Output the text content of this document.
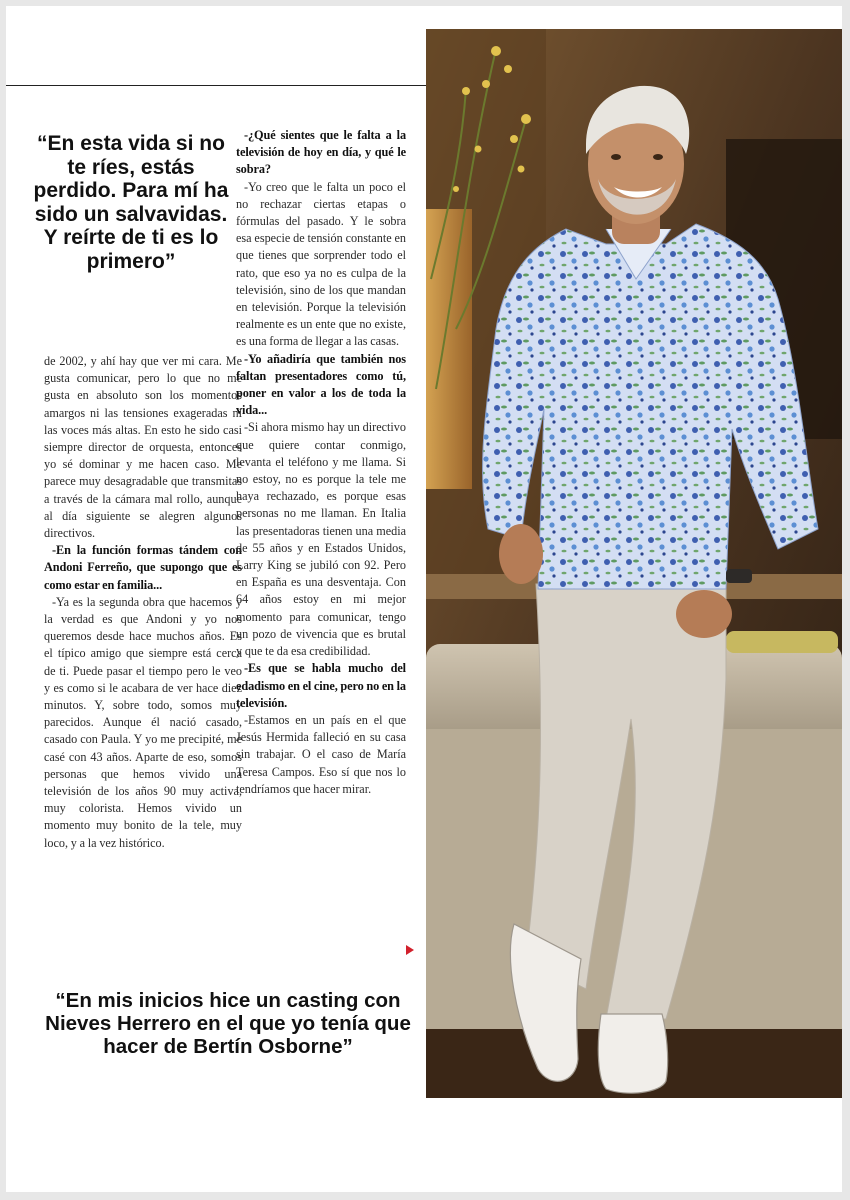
“En esta vida si no te ríes, estás perdido. Para mí ha sido un salvavidas. Y reírte de ti es lo primero”

de 2002, y ahí hay que ver mi cara. Me gusta comunicar, pero lo que no me gusta en absoluto son los momentos amargos ni las tensiones exageradas ni las voces más altas. En esto he sido casi siempre director de orquesta, entonces yo sé dominar y me hacen caso. Me parece muy desagradable que transmitas a través de la cámara mal rollo, aunque al día siguiente se alegren algunos directivos.

-En la función formas tándem con Andoni Ferreño, que supongo que es como estar en familia...

-Ya es la segunda obra que hacemos y la verdad es que Andoni y yo nos queremos desde hace muchos años. Es el típico amigo que siempre está cerca de ti. Puede pasar el tiempo pero le veo y es como si le acabara de ver hace diez minutos. Y, sobre todo, somos muy parecidos. Aunque él nació casado, casado con Paula. Y yo me precipité, me casé con 43 años. Aparte de eso, somos personas que hemos vivido una televisión de los años 90 muy activa, muy colorista. Hemos vivido un momento muy bonito de la tele, muy loco, y a la vez histórico.

-¿Qué sientes que le falta a la televisión de hoy en día, y qué le sobra?

-Yo creo que le falta un poco el no rechazar ciertas etapas o fórmulas del pasado. Y le sobra esa especie de tensión constante en que tienes que sorprender todo el rato, que eso ya no es culpa de la televisión, sino de los que mandan en televisión. Porque la televisión realmente es un ente que no existe, es una forma de llegar a las casas.

-Yo añadiría que también nos faltan presentadores como tú, poner en valor a los de toda la vida...

-Si ahora mismo hay un directivo que quiere contar conmigo, levanta el teléfono y me llama. Si no estoy, no es porque la tele me haya rechazado, es porque esas personas no me llaman. En Italia las presentadoras tienen una media de 55 años y en Estados Unidos, Larry King se jubiló con 92. Pero en España es una desventaja. Con 64 años estoy en mi mejor momento para comunicar, tengo un pozo de vivencia que es brutal y que te da esa credibilidad.

-Es que se habla mucho del edadismo en el cine, pero no en la televisión.

-Estamos en un país en el que Jesús Hermida falleció en su casa sin trabajar. O el caso de María Teresa Campos. Eso sí que nos lo tendríamos que hacer mirar.

“En mis inicios hice un casting con Nieves Herrero en el que yo tenía que hacer de Bertín Osborne”
